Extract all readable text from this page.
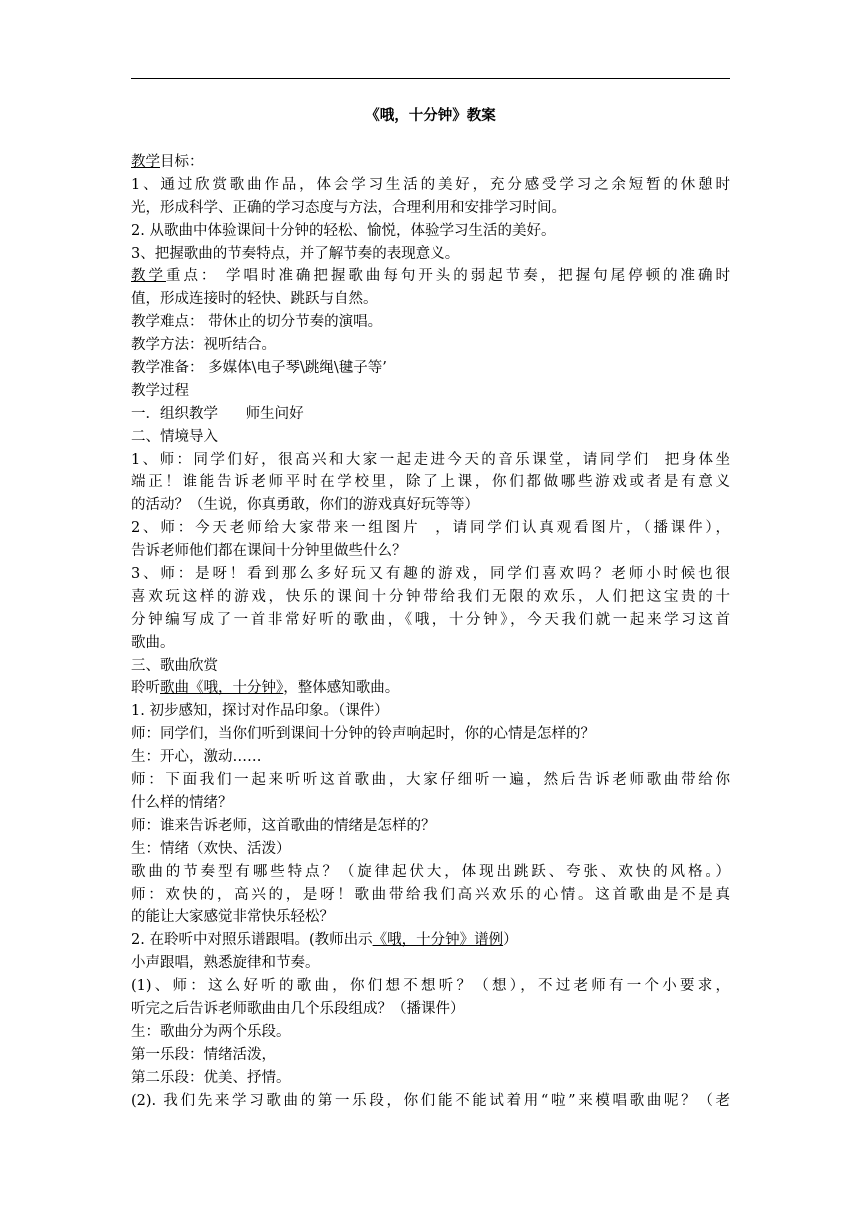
《哦，十分钟》教案
教学目标：
1、通过欣赏歌曲作品，体会学习生活的美好，充分感受学习之余短暂的休憩时
光，形成科学、正确的学习态度与方法，合理利用和安排学习时间。
2. 从歌曲中体验课间十分钟的轻松、愉悦，体验学习生活的美好。
3、把握歌曲的节奏特点，并了解节奏的表现意义。
教学重点： 学唱时准确把握歌曲每句开头的弱起节奏，把握句尾停顿的准确时
值，形成连接时的轻快、跳跃与自然。
教学难点： 带休止的切分节奏的演唱。
教学方法：视听结合。
教学准备： 多媒体\电子琴\跳绳\毽子等’
教学过程
一．组织教学      师生问好
二、情境导入
1、师：同学们好，很高兴和大家一起走进今天的音乐课堂，请同学们  把身体坐
端正！谁能告诉老师平时在学校里，除了上课，你们都做哪些游戏或者是有意义
的活动？（生说，你真勇敢，你们的游戏真好玩等等）
2、师：今天老师给大家带来一组图片  ，请同学们认真观看图片，（播课件），
告诉老师他们都在课间十分钟里做些什么？
3、师：是呀！看到那么多好玩又有趣的游戏，同学们喜欢吗？老师小时候也很
喜欢玩这样的游戏，快乐的课间十分钟带给我们无限的欢乐，人们把这宝贵的十
分钟编写成了一首非常好听的歌曲，《哦，十分钟》，今天我们就一起来学习这首
歌曲。
三、歌曲欣赏
聆听歌曲《哦，十分钟》，整体感知歌曲。
1. 初步感知，探讨对作品印象。（课件）
师：同学们，当你们听到课间十分钟的铃声响起时，你的心情是怎样的？
生：开心，激动……
师：下面我们一起来听听这首歌曲，大家仔细听一遍，然后告诉老师歌曲带给你
什么样的情绪？
师：谁来告诉老师，这首歌曲的情绪是怎样的？
生：情绪（欢快、活泼）
歌曲的节奏型有哪些特点？（旋律起伏大，体现出跳跃、夸张、欢快的风格。）
师：欢快的，高兴的，是呀！歌曲带给我们高兴欢乐的心情。这首歌曲是不是真
的能让大家感觉非常快乐轻松？
2. 在聆听中对照乐谱跟唱。(教师出示《哦，十分钟》谱例）
小声跟唱，熟悉旋律和节奏。
(1)、师：这么好听的歌曲，你们想不想听？（想），不过老师有一个小要求，
听完之后告诉老师歌曲由几个乐段组成？（播课件）
生：歌曲分为两个乐段。
第一乐段：情绪活泼，
第二乐段：优美、抒情。
(2). 我们先来学习歌曲的第一乐段，你们能不能试着用“啦”来模唱歌曲呢？（老
